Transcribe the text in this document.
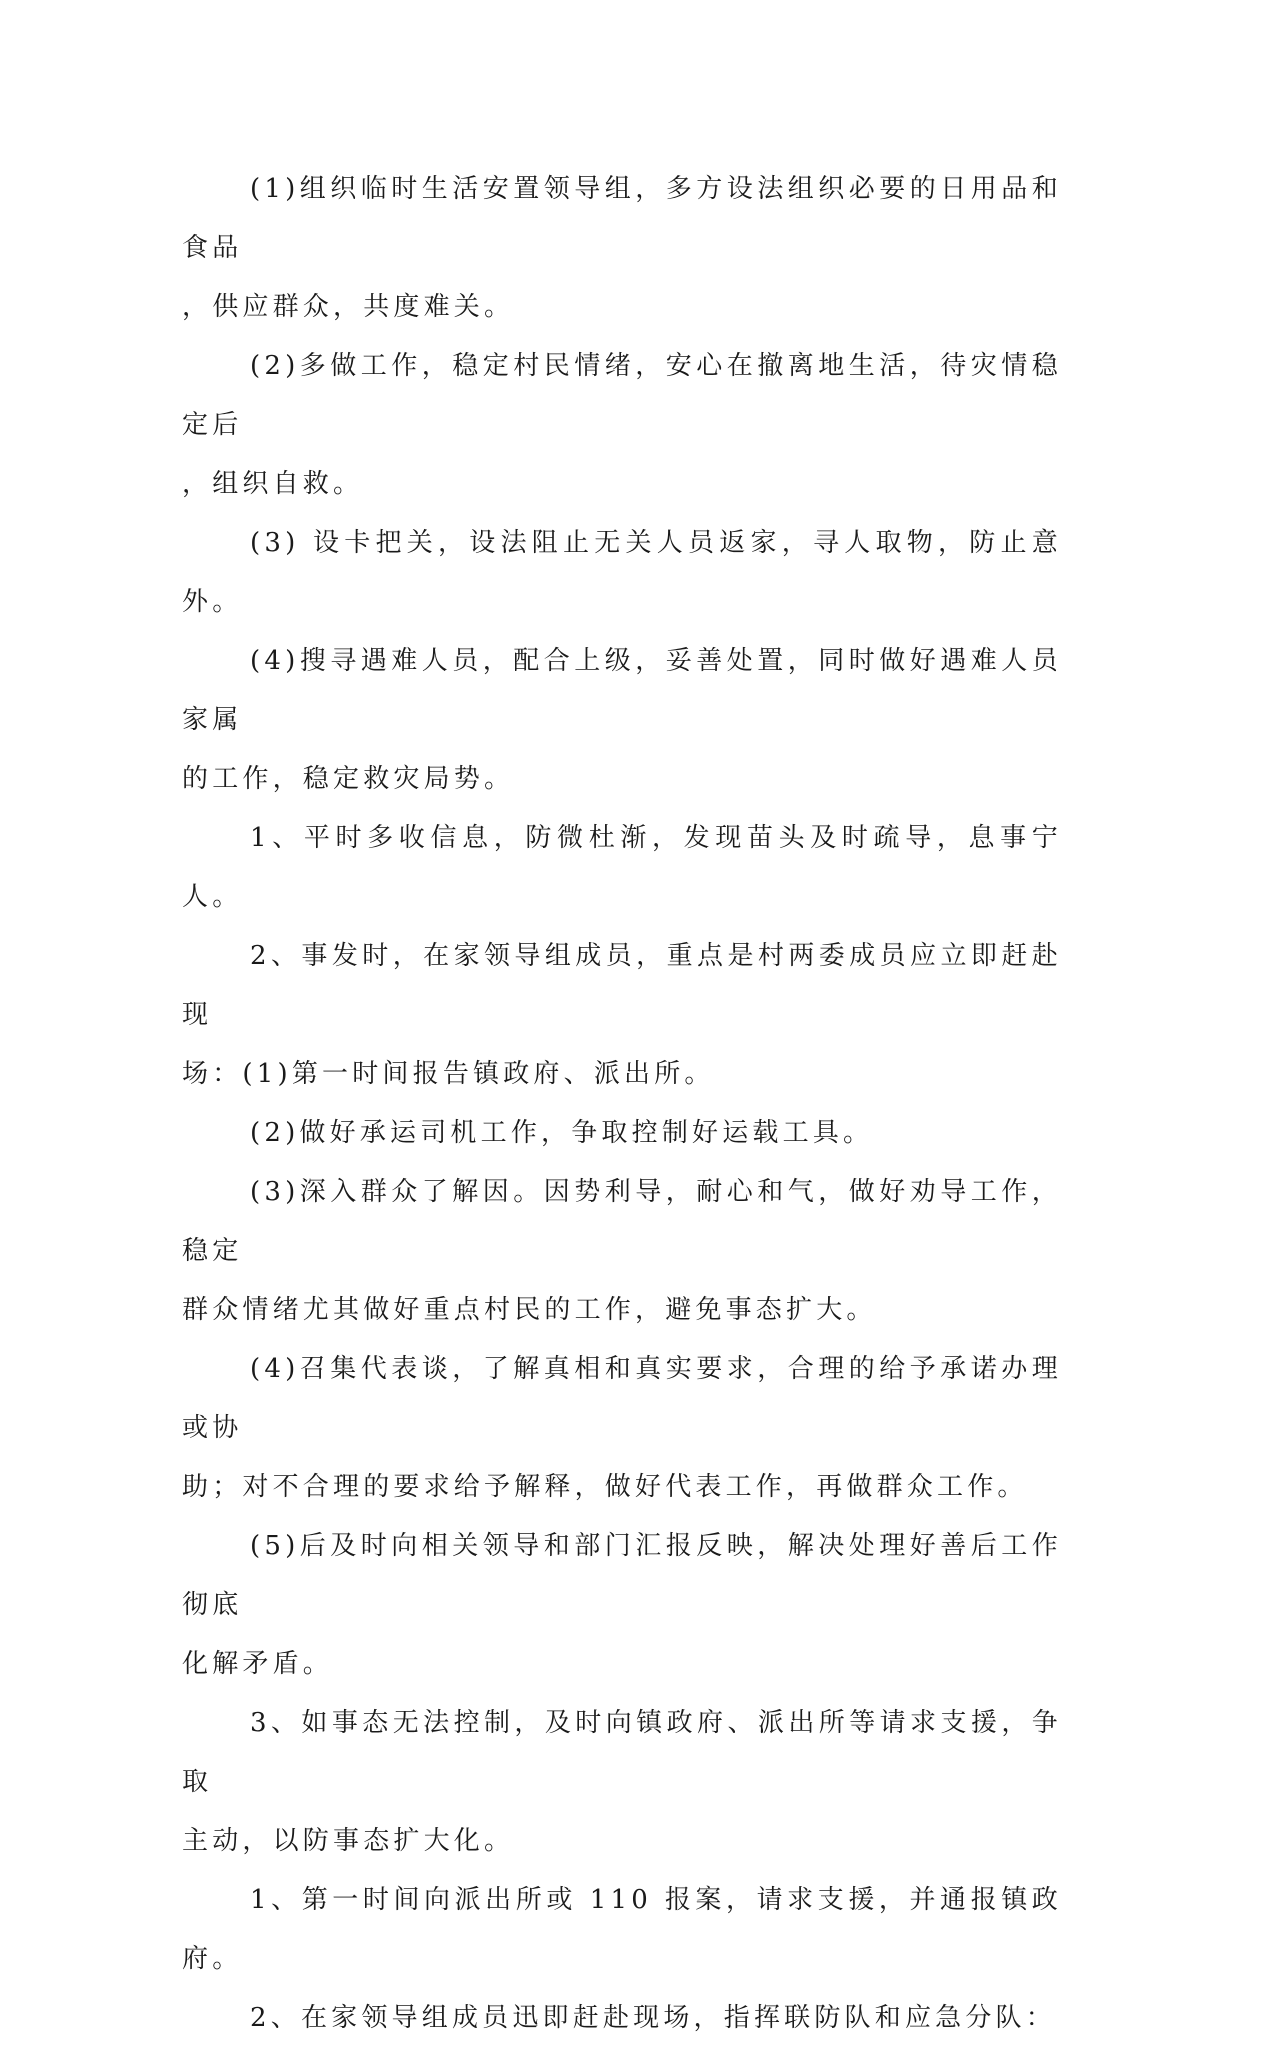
(1)组织临时生活安置领导组，多方设法组织必要的日用品和食品
，供应群众，共度难关。

(2)多做工作，稳定村民情绪，安心在撤离地生活，待灾情稳定后
，组织自救。

(3) 设卡把关，设法阻止无关人员返家，寻人取物，防止意外。

(4)搜寻遇难人员，配合上级，妥善处置，同时做好遇难人员家属
的工作，稳定救灾局势。

1、平时多收信息，防微杜渐，发现苗头及时疏导，息事宁人。

2、事发时，在家领导组成员，重点是村两委成员应立即赶赴现
场：(1)第一时间报告镇政府、派出所。

(2)做好承运司机工作，争取控制好运载工具。

(3)深入群众了解因。因势利导，耐心和气，做好劝导工作，稳定
群众情绪尤其做好重点村民的工作，避免事态扩大。

(4)召集代表谈，了解真相和真实要求，合理的给予承诺办理或协
助；对不合理的要求给予解释，做好代表工作，再做群众工作。

(5)后及时向相关领导和部门汇报反映，解决处理好善后工作彻底
化解矛盾。

3、如事态无法控制，及时向镇政府、派出所等请求支援，争取
主动，以防事态扩大化。

1、第一时间向派出所或 110 报案，请求支援，并通报镇政府。

2、在家领导组成员迅即赶赴现场，指挥联防队和应急分队：
